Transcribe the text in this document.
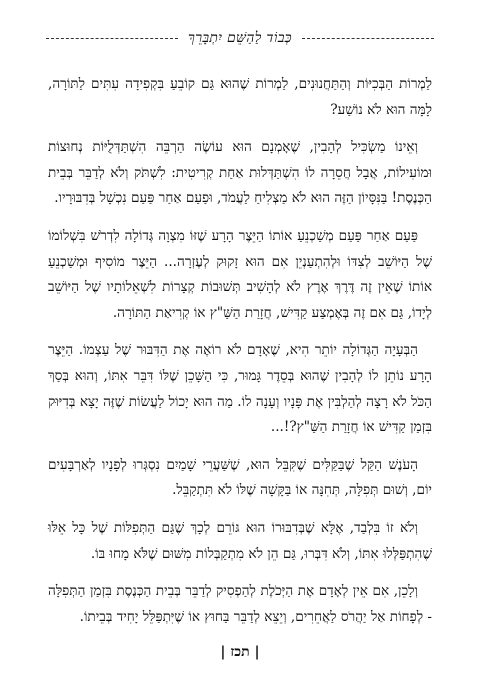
כְּבוֹד לַהַשֵּׁם יִתְבָּרֵךְ

לַמְרוֹת הַבְּכִיּוֹת וְהַתַּחֲנוּנִים, לַמְרוֹת שֶׁהוּא גַּם קוֹבֵעַ בִּקְפִידָה עִתִּים לַתּוֹרָה, לָמָּה הוּא לֹא נוֹשַׁע?

וְאֵינוֹ מַשְׂכִּיל לְהָבִין, שֶׁאָמְנָם הוּא עוֹשֶׂה הַרְבֵּה הִשְׁתַּדְּלֻיּוֹת נְחוּצוֹת וּמוֹעִילוֹת, אֲבָל חֲסֵרָה לוֹ הִשְׁתַּדְּלוּת אַחַת קְרִיטִית: לִשְׁתֹּק וְלֹא לְדַבֵּר בְּבֵית הַכְּנֶסֶת! בַּנִּסָּיוֹן הַזֶּה הוּא לֹא מַצְלִיחַ לַעֲמֹד, וּפַעַם אַחַר פַּעַם נִכְשָׁל בְּדִבּוּרָיו.

פַּעַם אַחַר פַּעַם מְשַׁכְנֵעַ אוֹתוֹ הַיֵּצֶר הָרָע שֶׁזּוֹ מִצְוָה גְּדוֹלָה לִדְרֹשׁ בִּשְׁלוֹמוֹ שֶׁל הַיּוֹשֵׁב לְצִדּוֹ וּלְהִתְעַנְיֵן אִם הוּא זָקוּק לְעֶזְרָה... הַיֵּצֶר מוֹסִיף וּמְשַׁכְנֵעַ אוֹתוֹ שֶׁאֵין זֶה דֶּרֶךְ אֶרֶץ לֹא לְהָשִׁיב תְּשׁוּבוֹת קְצָרוֹת לִשְׁאֵלוֹתָיו שֶׁל הַיּוֹשֵׁב לְיָדוֹ, גַּם אִם זֶה בְּאֶמְצַע קַדִּישׁ, חֲזָרַת הַשַּׁ"ץ אוֹ קְרִיאַת הַתּוֹרָה.

הַבְּעָיָה הַגְּדוֹלָה יוֹתֵר הִיא, שֶׁאָדָם לֹא רוֹאֶה אֶת הַדִּבּוּר שֶׁל עַצְמוֹ. הַיֵּצֶר הָרָע נוֹתֵן לוֹ לְהָבִין שֶׁהוּא בְּסֵדֶר גָּמוּר, כִּי הַשָּׁכֵן שֶׁלּוֹ דִּבֵּר אִתּוֹ, וְהוּא בְּסַךְ הַכֹּל לֹא רָצָה לְהַלְבִּין אֶת פָּנָיו וְעָנָה לוֹ. מַה הוּא יָכוֹל לַעֲשׂוֹת שֶׁזֶּה יָצָא בְּדִיּוּק בִּזְמַן קַדִּישׁ אוֹ חֲזָרַת הַשַּׁ"ץ?!...

הָעֹנֶשׁ הַקַּל שֶׁבַּקַּלִּים שֶׁקִּבֵּל הוּא, שֶׁשַּׁעֲרֵי שָׁמַיִם נִסְגְּרוּ לְפָנָיו לְאַרְבָּעִים יוֹם, וְשׁוּם תְּפִלָּה, תְּחִנָּה אוֹ בַּקָּשָׁה שֶׁלּוֹ לֹא תִּתְקַבֵּל.

וְלֹא זוֹ בִּלְבַד, אֶלָּא שֶׁבְּדִבּוּרוֹ הוּא גּוֹרֵם לְכָךְ שֶׁגַּם הַתְּפִלּוֹת שֶׁל כָּל אֵלּוּ שֶׁהִתְפַּלְּלוּ אִתּוֹ, וְלֹא דִּבְּרוּ, גַּם הֵן לֹא מִתְקַבְּלוֹת מִשּׁוּם שֶׁלֹּא מָחוּ בּוֹ.

וְלָכֵן, אִם אֵין לְאָדָם אֶת הַיְּכֹלֶת לְהַפְסִיק לְדַבֵּר בְּבֵית הַכְּנֶסֶת בִּזְמַן הַתְּפִלָּה - לְפָחוֹת אַל יַהֲרֹס לַאֲחֵרִים, וְיֵצֵא לְדַבֵּר בַּחוּץ אוֹ שֶׁיִּתְפַּלֵּל יָחִיד בְּבֵיתוֹ.

| תכז |
